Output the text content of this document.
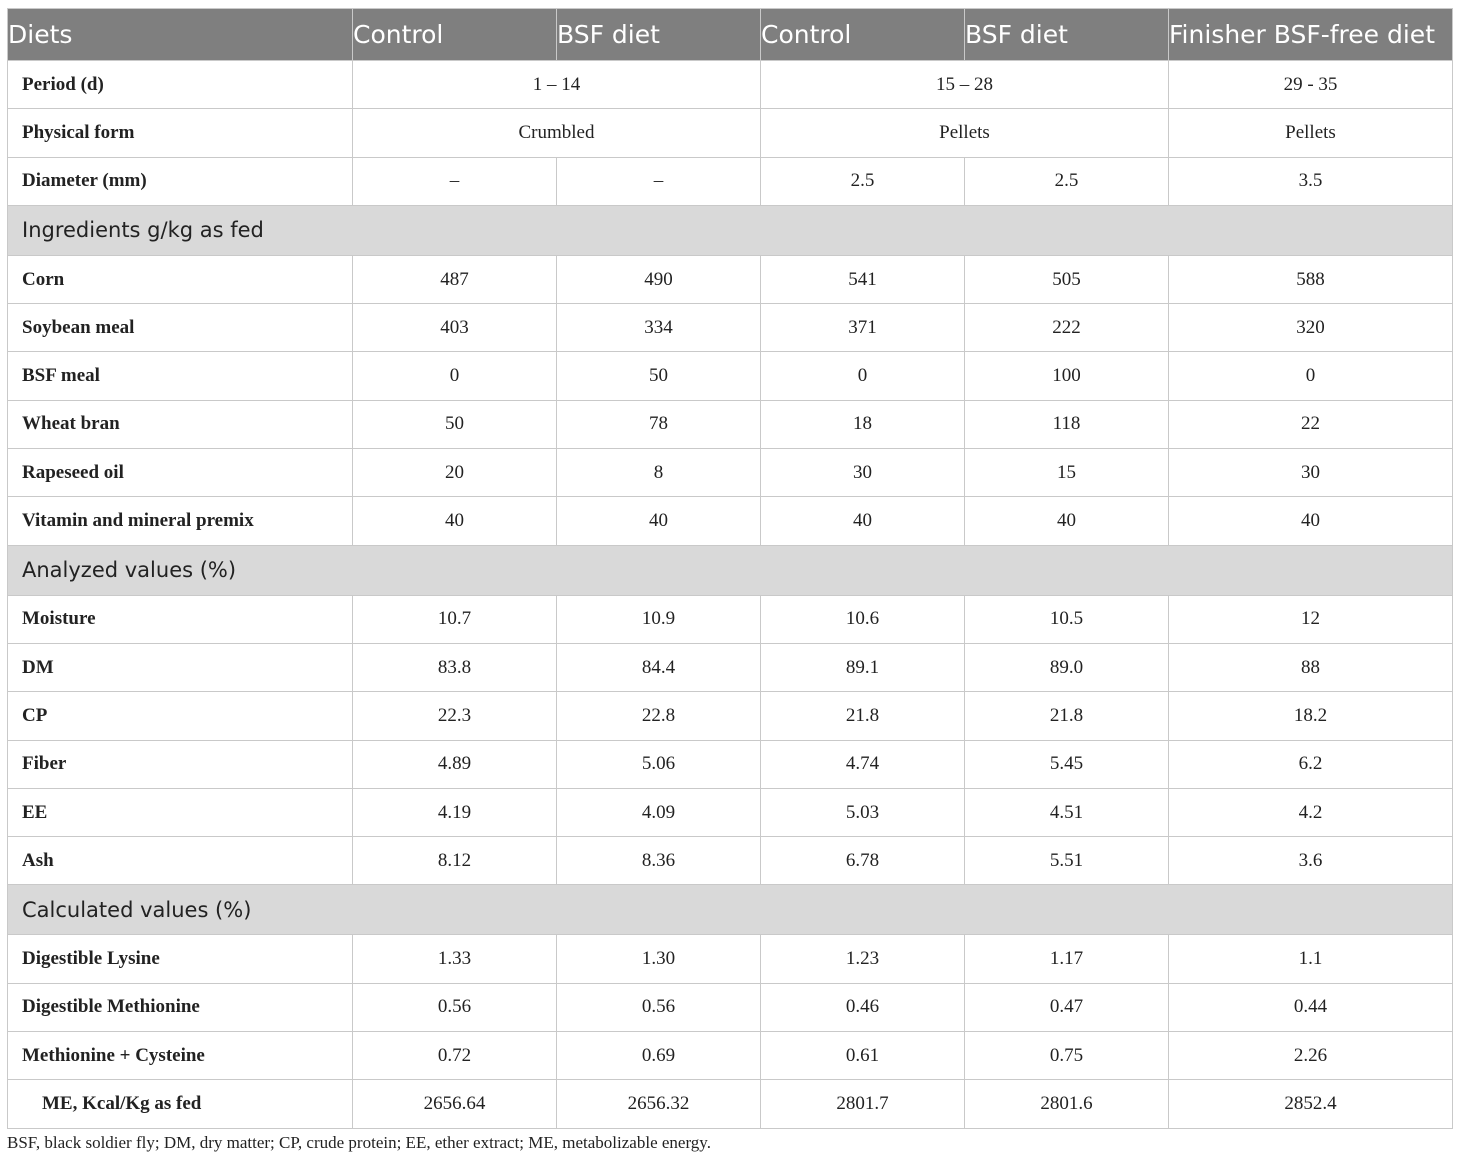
Diets	Control	BSF diet	Control	BSF diet	Finisher BSF-free diet
Period (d)	1 – 14		15 – 28		29 - 35
Physical form	Crumbled		Pellets		Pellets
Diameter (mm)	–	–	2.5	2.5	3.5
Ingredients g/kg as fed					
Corn	487	490	541	505	588
Soybean meal	403	334	371	222	320
BSF meal	0	50	0	100	0
Wheat bran	50	78	18	118	22
Rapeseed oil	20	8	30	15	30
Vitamin and mineral premix	40	40	40	40	40
Analyzed values (%)					
Moisture	10.7	10.9	10.6	10.5	12
DM	83.8	84.4	89.1	89.0	88
CP	22.3	22.8	21.8	21.8	18.2
Fiber	4.89	5.06	4.74	5.45	6.2
EE	4.19	4.09	5.03	4.51	4.2
Ash	8.12	8.36	6.78	5.51	3.6
Calculated values (%)					
Digestible Lysine	1.33	1.30	1.23	1.17	1.1
Digestible Methionine	0.56	0.56	0.46	0.47	0.44
Methionine + Cysteine	0.72	0.69	0.61	0.75	2.26
ME, Kcal/Kg as fed	2656.64	2656.32	2801.7	2801.6	2852.4
BSF, black soldier fly; DM, dry matter; CP, crude protein; EE, ether extract; ME, metabolizable energy.
